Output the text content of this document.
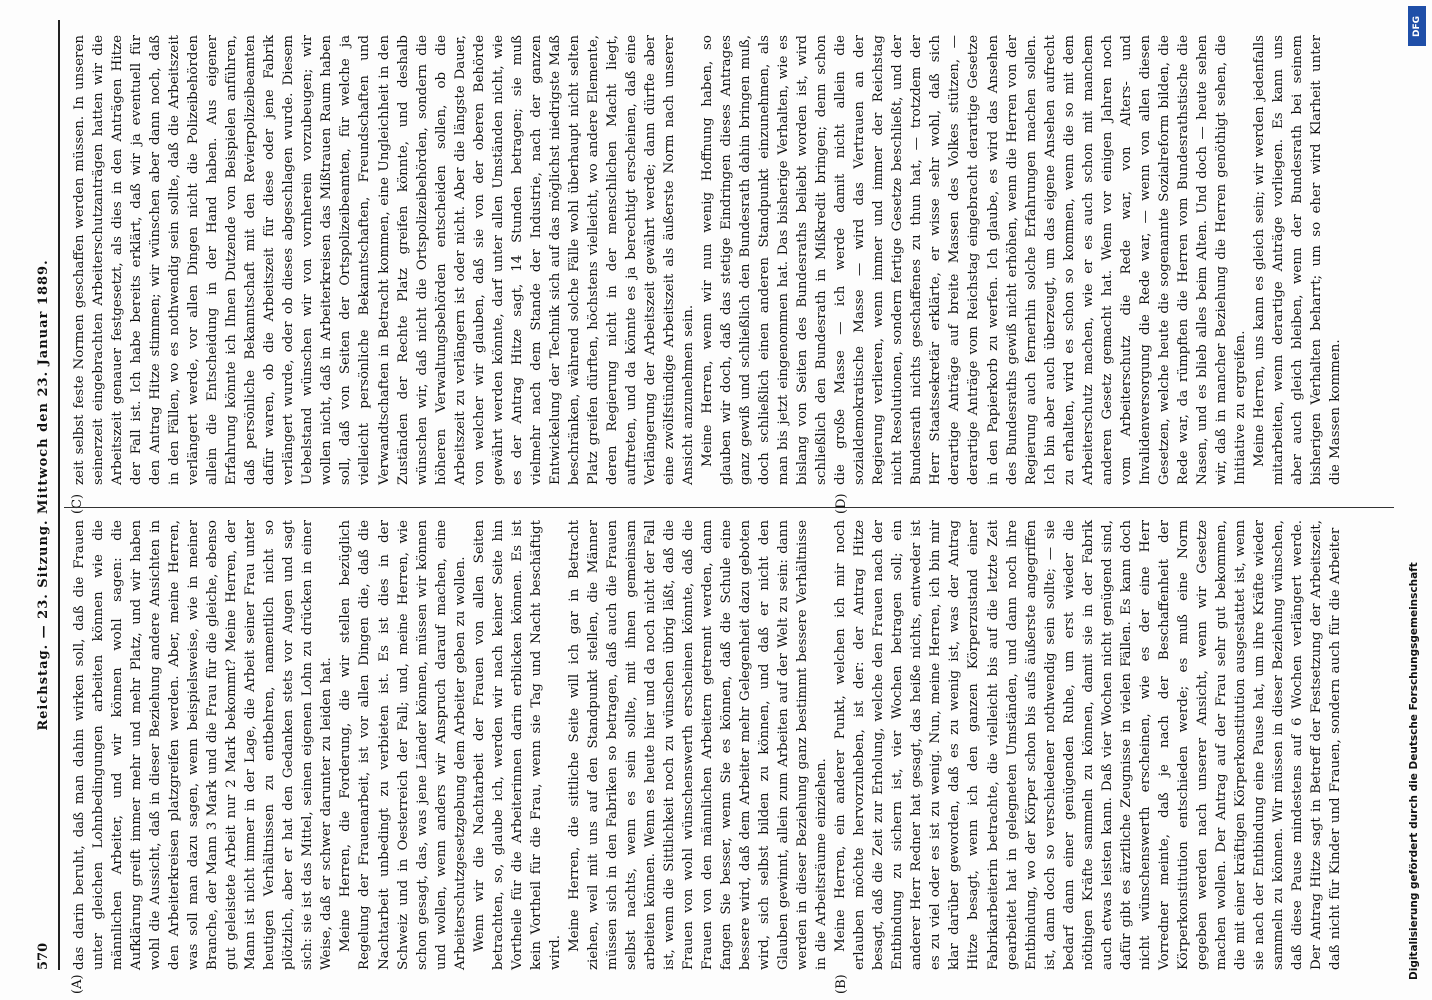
570
Reichstag. — 23. Sitzung. Mittwoch den 23. Januar 1889.
(A)	(B)
(C)	(D)

das darin beruht, daß man dahin wirken soll, daß die Frauen unter gleichen Lohnbedingungen arbeiten können wie die männlichen Arbeiter, und wir können wohl sagen: die Aufklärung greift immer mehr und mehr Platz, und wir haben wohl die Aussicht, daß in dieser Beziehung andere Ansichten in den Arbeiterkreisen platzgreifen werden. Aber, meine Herren, was soll man dazu sagen, wenn beispielsweise, wie in meiner Branche, der Mann 3 Mark und die Frau für die gleiche, ebenso gut geleistete Arbeit nur 2 Mark bekommt? Meine Herren, der Mann ist nicht immer in der Lage, die Arbeit seiner Frau unter heutigen Verhältnissen zu entbehren, namentlich nicht so plötzlich, aber er hat den Gedanken stets vor Augen und sagt sich: sie ist das Mittel, seinen eigenen Lohn zu drücken in einer Weise, daß er schwer darunter zu leiden hat. Meine Herren, die Forderung, die wir stellen bezüglich Regelung der Frauenarbeit, ist vor allen Dingen die, daß die Nachtarbeit unbedingt zu verbieten ist. Es ist dies in der Schweiz und in Oesterreich der Fall; und, meine Herren, wie schon gesagt, das, was jene Länder können, müssen wir können und wollen, wenn anders wir Anspruch darauf machen, eine Arbeiterschutzgesetzgebung dem Arbeiter geben zu wollen. Wenn wir die Nachtarbeit der Frauen von allen Seiten betrachten, so, glaube ich, werden wir nach keiner Seite hin Vortheile für die Arbeiterinnen darin erblicken können. Es ist kein Vortheil für die Frau, wenn sie Tag und Nacht beschäftigt wird.

Meine Herren, die sittliche Seite will ich gar in Betracht ziehen, weil mit uns auf den Standpunkt stellen, die Männer müssen sich in den Fabriken so betragen, daß auch die Frauen selbst nachts, wenn es sein sollte, mit ihnen gemeinsam arbeiten können. Wenn es heute hier und da noch nicht der Fall ist, wenn die Sittlichkeit noch zu wünschen übrig läßt, daß die Frauen von wohl wünschenswerth erscheinen könnte, daß die Frauen von den männlichen Arbeitern getrennt werden, dann fangen Sie besser, wenn Sie es können, daß die Schule eine bessere wird, daß dem Arbeiter mehr Gelegenheit dazu geboten wird, sich selbst bilden zu können, und daß er nicht den Glauben gewinnt, allein zum Arbeiten auf der Welt zu sein: dann werden in dieser Beziehung ganz bestimmt bessere Verhältnisse in die Arbeitsräume einziehen. Meine Herren, ein anderer Punkt, welchen ich mir noch erlauben möchte hervorzuheben, ist der: der Antrag Hitze besagt, daß die Zeit zur Erholung, welche den Frauen nach der Entbindung zu sichern ist, vier Wochen betragen soll; ein anderer Herr Redner hat gesagt, das heiße nichts, entweder ist es zu viel oder es ist zu wenig. Nun, meine Herren, ich bin mir klar darüber geworden, daß es zu wenig ist, was der Antrag Hitze besagt, wenn ich den ganzen Körperzustand einer Fabrikarbeiterin betrachte, die vielleicht bis auf die letzte Zeit gearbeitet hat in gelegneten Umständen, und dann noch ihre Entbindung, wo der Körper schon bis aufs äußerste angegriffen ist, dann doch so verschiedener nothwendig sein sollte; — sie bedarf dann einer genügenden Ruhe, um erst wieder die nöthigen Kräfte sammeln zu können, damit sie in der Fabrik auch etwas leisten kann. Daß vier Wochen nicht genügend sind, dafür gibt es ärztliche Zeugnisse in vielen Fällen. Es kann doch nicht wünschenswerth erscheinen, wie es der eine Herr Vorredner meinte, daß je nach der Beschaffenheit der Körperkonstitution entschieden werde; es muß eine Norm gegeben werden nach unserer Ansicht, wenn wir Gesetze machen wollen. Der Antrag auf der Frau sehr gut bekommen, die mit einer kräftigen Körperkonstitution ausgestattet ist, wenn sie nach der Entbindung eine Pause hat, um ihre Kräfte wieder sammeln zu können. Wir müssen in dieser Beziehung wünschen, daß diese Pause mindestens auf 6 Wochen verlängert werde. Der Antrag Hitze sagt in Betreff der Festsetzung der Arbeitszeit, daß nicht für Kinder und Frauen, sondern auch für die Arbeiter

zeit selbst feste Normen geschaffen werden müssen. In unseren seinerzeit eingebrachten Arbeiterschutzanträgen hatten wir die Arbeitszeit genauer festgesetzt, als dies in den Anträgen Hitze der Fall ist. Ich habe bereits erklärt, daß wir ja eventuell für den Antrag Hitze stimmen; wir wünschen aber dann noch, daß in den Fällen, wo es nothwendig sein sollte, daß die Arbeitszeit verlängert werde, vor allen Dingen nicht die Polizeibehörden allein die Entscheidung in der Hand haben. Aus eigener Erfahrung könnte ich Ihnen Dutzende von Beispielen anführen, daß persönliche Bekanntschaft mit den Revierpolizeibeamten dafür waren, ob die Arbeitszeit für diese oder jene Fabrik verlängert wurde, oder ob dieses abgeschlagen wurde. Diesem Uebelstand wünschen wir von vornherein vorzubeugen; wir wollen nicht, daß in Arbeiterkreisen das Mißtrauen Raum haben soll, daß von Seiten der Ortspolizeibeamten, für welche ja vielleicht persönliche Bekanntschaften, Freundschaften und Verwandtschaften in Betracht kommen, eine Ungleichheit in den Zuständen der Rechte Platz greifen könnte, und deshalb wünschen wir, daß nicht die Ortspolizeibehörden, sondern die höheren Verwaltungsbehörden entscheiden sollen, ob die Arbeitszeit zu verlängern ist oder nicht. Aber die längste Dauer, von welcher wir glauben, daß sie von der oberen Behörde gewährt werden könnte, darf unter allen Umständen nicht, wie es der Antrag Hitze sagt, 14 Stunden betragen; sie muß vielmehr nach dem Stande der Industrie, nach der ganzen Entwickelung der Technik sich auf das möglichst niedrigste Maß beschränken, während solche Fälle wohl überhaupt nicht selten Platz greifen dürften, höchstens vielleicht, wo andere Elemente, deren Regierung nicht in der menschlichen Macht liegt, auftreten, und da könnte es ja berechtigt erscheinen, daß eine Verlängerung der Arbeitszeit gewährt werde; dann dürfte aber eine zwölfstündige Arbeitszeit als äußerste Norm nach unserer Ansicht anzunehmen sein. Meine Herren, wenn wir nun wenig Hoffnung haben, so glauben wir doch, daß das stetige Eindringen dieses Antrages ganz gewiß und schließlich den Bundesrath dahin bringen muß, doch schließlich einen anderen Standpunkt einzunehmen, als man bis jetzt eingenommen hat. Das bisherige Verhalten, wie es bislang von Seiten des Bundesraths beliebt worden ist, wird schließlich den Bundesrath in Mißkredit bringen; denn schon die große Masse — ich werde damit nicht allein die sozialdemokratische Masse — wird das Vertrauen an der Regierung verlieren, wenn immer und immer der Reichstag nicht Resolutionen, sondern fertige Gesetze beschließt, und der Bundesrath nichts geschaffenes zu thun hat, — trotzdem der Herr Staatssekretär erklärte, er wisse sehr wohl, daß sich derartige Anträge auf breite Massen des Volkes stützen, — derartige Anträge vom Reichstag eingebracht derartige Gesetze in den Papierkorb zu werfen. Ich glaube, es wird das Ansehen des Bundesraths gewiß nicht erhöhen, wenn die Herren von der Regierung auch fernerhin solche Erfahrungen machen sollen. Ich bin aber auch überzeugt, um das eigene Ansehen aufrecht zu erhalten, wird es schon so kommen, wenn die so mit dem Arbeiterschutz machen, wie er es auch schon mit manchem anderen Gesetz gemacht hat. Wenn vor einigen Jahren noch vom Arbeiterschutz die Rede war, von Alters- und Invalidenversorgung die Rede war, — wenn von allen diesen Gesetzen, welche heute die sogenannte Sozialreform bilden, die Rede war, da rümpften die Herren vom Bundesrathstische die Nasen, und es blieb alles beim Alten. Und doch — heute sehen wir, daß in mancher Beziehung die Herren genöthigt sehen, die Initiative zu ergreifen. Meine Herren, uns kann es gleich sein; wir werden jedenfalls mitarbeiten, wenn derartige Anträge vorliegen. Es kann uns aber auch gleich bleiben, wenn der Bundesrath bei seinem bisherigen Verhalten beharrt; um so eher wird Klarheit unter die Massen kommen.

DFG
Digitalisierung gefördert durch die Deutsche Forschungsgemeinschaft
